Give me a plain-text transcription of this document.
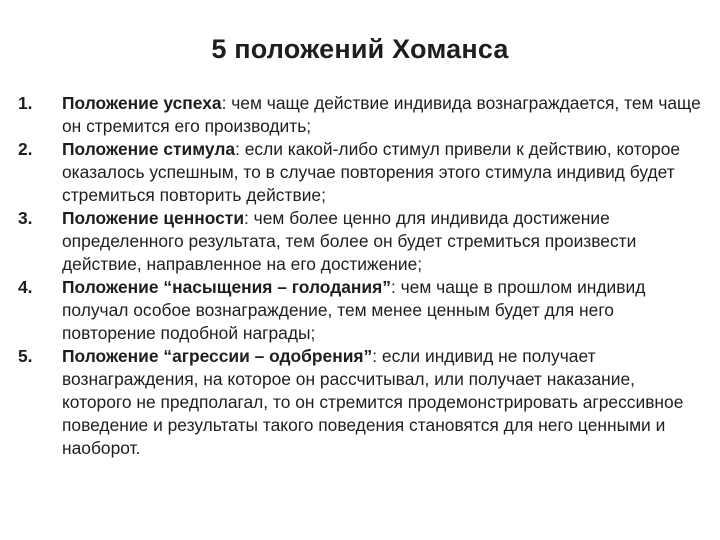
5 положений Хоманса
1.	Положение успеха: чем чаще действие индивида вознаграждается, тем чаще он стремится его производить;
2.	Положение стимула: если какой-либо стимул привели к действию, которое оказалось успешным, то в случае повторения этого стимула индивид будет стремиться повторить действие;
3.	Положение ценности: чем более ценно для индивида достижение определенного результата, тем более он будет стремиться произвести действие, направленное на его достижение;
4.	Положение “насыщения – голодания”: чем чаще в прошлом индивид получал особое вознаграждение, тем менее ценным будет для него повторение подобной награды;
5.	Положение “агрессии – одобрения”: если индивид не получает вознаграждения, на которое он рассчитывал, или получает наказание, которого не предполагал, то он стремится продемонстрировать агрессивное поведение и результаты такого поведения становятся для него ценными и наоборот.
